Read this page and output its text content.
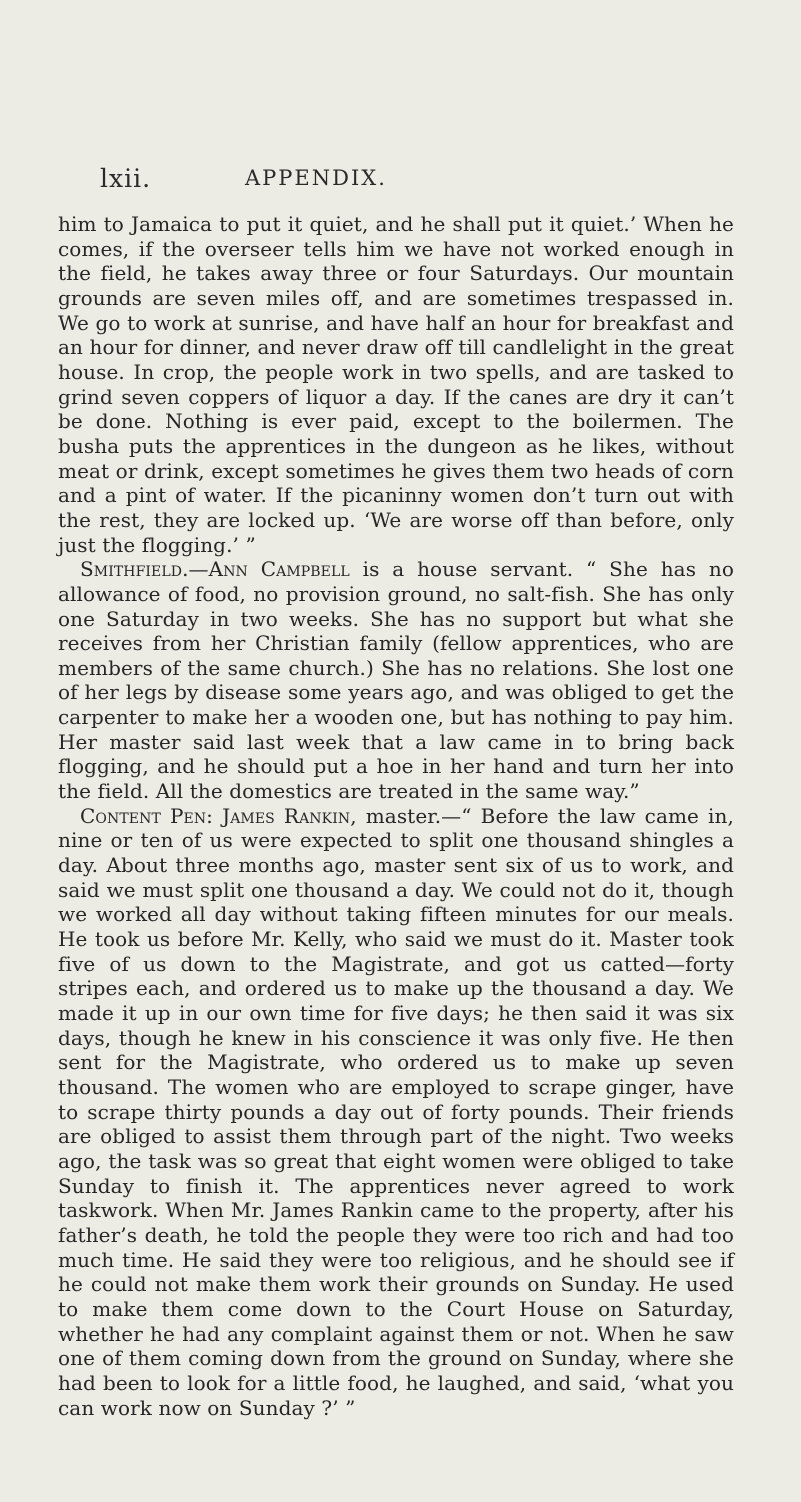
lxii.	APPENDIX.

him to Jamaica to put it quiet, and he shall put it quiet.’ When he comes, if the overseer tells him we have not worked enough in the field, he takes away three or four Saturdays. Our mountain grounds are seven miles off, and are sometimes trespassed in. We go to work at sunrise, and have half an hour for breakfast and an hour for dinner, and never draw off till candlelight in the great house. In crop, the people work in two spells, and are tasked to grind seven coppers of liquor a day. If the canes are dry it can’t be done. Nothing is ever paid, except to the boilermen. The busha puts the apprentices in the dungeon as he likes, without meat or drink, except sometimes he gives them two heads of corn and a pint of water. If the picaninny women don’t turn out with the rest, they are locked up. ‘We are worse off than before, only just the flogging.’ ”

Smithfield.—Ann Campbell is a house servant. “ She has no allowance of food, no provision ground, no salt-fish. She has only one Saturday in two weeks. She has no support but what she receives from her Christian family (fellow apprentices, who are members of the same church.) She has no relations. She lost one of her legs by disease some years ago, and was obliged to get the carpenter to make her a wooden one, but has nothing to pay him. Her master said last week that a law came in to bring back flogging, and he should put a hoe in her hand and turn her into the field. All the domestics are treated in the same way.”

Content Pen: James Rankin, master.—“ Before the law came in, nine or ten of us were expected to split one thousand shingles a day. About three months ago, master sent six of us to work, and said we must split one thousand a day. We could not do it, though we worked all day without taking fifteen minutes for our meals. He took us before Mr. Kelly, who said we must do it. Master took five of us down to the Magistrate, and got us catted—forty stripes each, and ordered us to make up the thousand a day. We made it up in our own time for five days; he then said it was six days, though he knew in his conscience it was only five. He then sent for the Magistrate, who ordered us to make up seven thousand. The women who are employed to scrape ginger, have to scrape thirty pounds a day out of forty pounds. Their friends are obliged to assist them through part of the night. Two weeks ago, the task was so great that eight women were obliged to take Sunday to finish it. The apprentices never agreed to work taskwork. When Mr. James Rankin came to the property, after his father’s death, he told the people they were too rich and had too much time. He said they were too religious, and he should see if he could not make them work their grounds on Sunday. He used to make them come down to the Court House on Saturday, whether he had any complaint against them or not. When he saw one of them coming down from the ground on Sunday, where she had been to look for a little food, he laughed, and said, ‘what you can work now on Sunday ?’ ”
